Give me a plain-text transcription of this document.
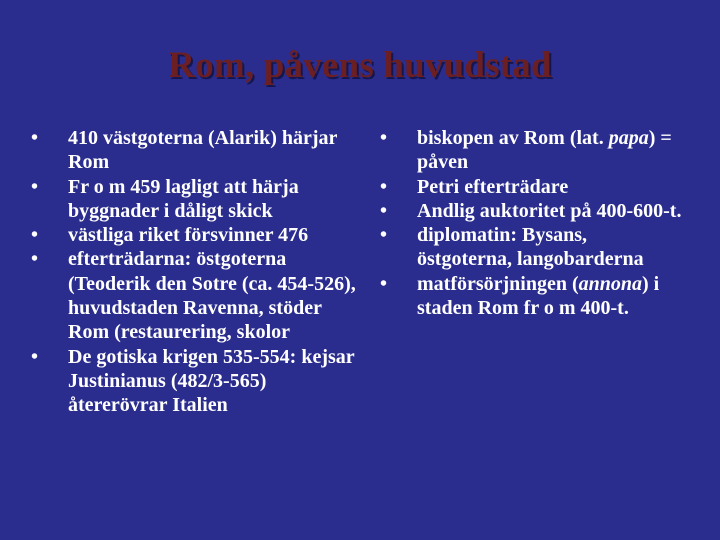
Rom, påvens huvudstad
•	410 västgoterna (Alarik) härjar Rom
•	Fr o m 459 lagligt att härja byggnader i dåligt skick
•	västliga riket försvinner 476
•	efterträdarna: östgoterna (Teoderik den Sotre (ca. 454-526), huvudstaden Ravenna, stöder Rom (restaurering, skolor
•	De gotiska krigen 535-554: kejsar Justinianus (482/3-565) återerövrar Italien
•	biskopen av Rom (lat. papa) = påven
•	Petri efterträdare
•	Andlig auktoritet på 400-600-t.
•	diplomatin: Bysans, östgoterna, langobarderna
•	matförsörjningen (annona) i staden Rom fr o m 400-t.
